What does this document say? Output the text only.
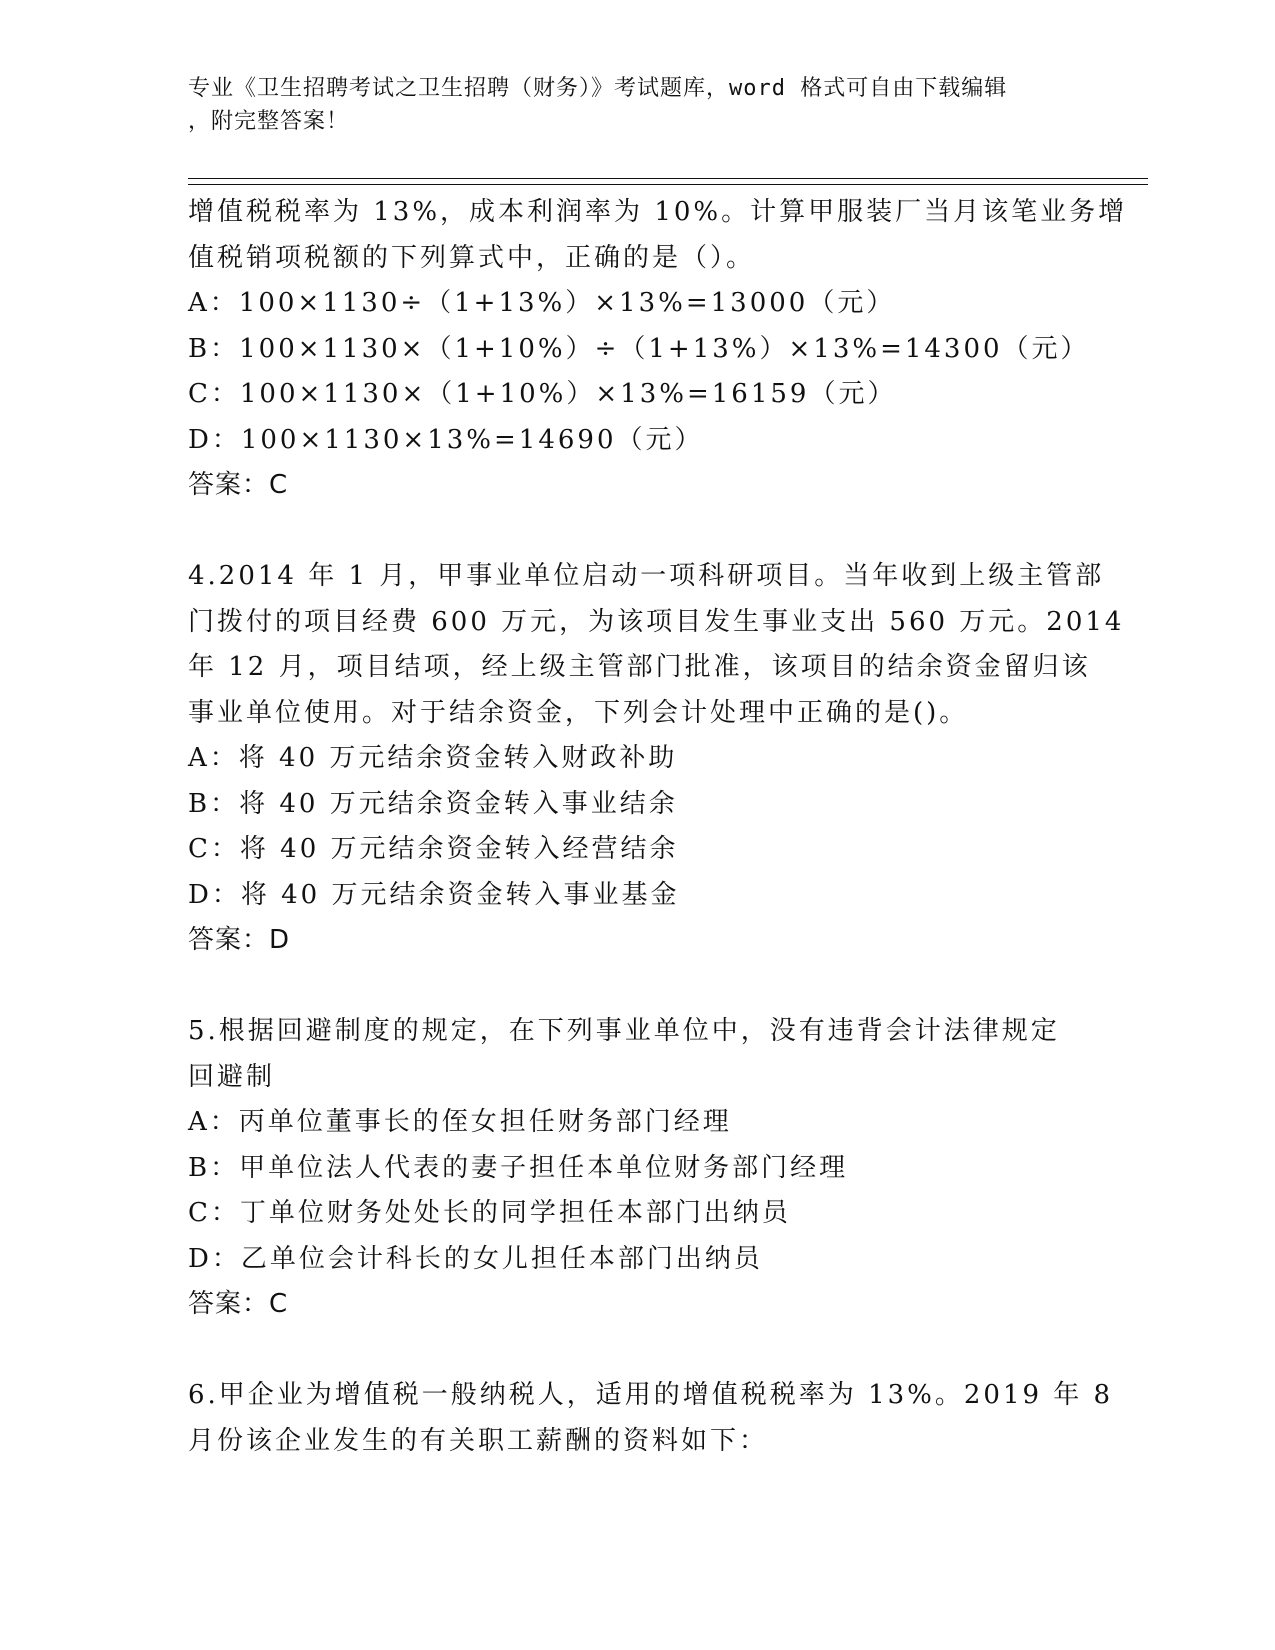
专业《卫生招聘考试之卫生招聘（财务）》考试题库，word 格式可自由下载编辑
，附完整答案！
增值税税率为 13%，成本利润率为 10%。计算甲服装厂当月该笔业务增
值税销项税额的下列算式中，正确的是（）。
A：100×1130÷（1+13%）×13%=13000（元）
B：100×1130×（1+10%）÷（1+13%）×13%=14300（元）
C：100×1130×（1+10%）×13%=16159（元）
D：100×1130×13%=14690（元）
答案：C
4.2014 年 1 月，甲事业单位启动一项科研项目。当年收到上级主管部
门拨付的项目经费 600 万元，为该项目发生事业支出 560 万元。2014
年 12 月，项目结项，经上级主管部门批准，该项目的结余资金留归该
事业单位使用。对于结余资金，下列会计处理中正确的是()。
A：将 40 万元结余资金转入财政补助
B：将 40 万元结余资金转入事业结余
C：将 40 万元结余资金转入经营结余
D：将 40 万元结余资金转入事业基金
答案：D
5.根据回避制度的规定，在下列事业单位中，没有违背会计法律规定
回避制
A：丙单位董事长的侄女担任财务部门经理
B：甲单位法人代表的妻子担任本单位财务部门经理
C：丁单位财务处处长的同学担任本部门出纳员
D：乙单位会计科长的女儿担任本部门出纳员
答案：C
6.甲企业为增值税一般纳税人，适用的增值税税率为 13%。2019 年 8
月份该企业发生的有关职工薪酬的资料如下：
